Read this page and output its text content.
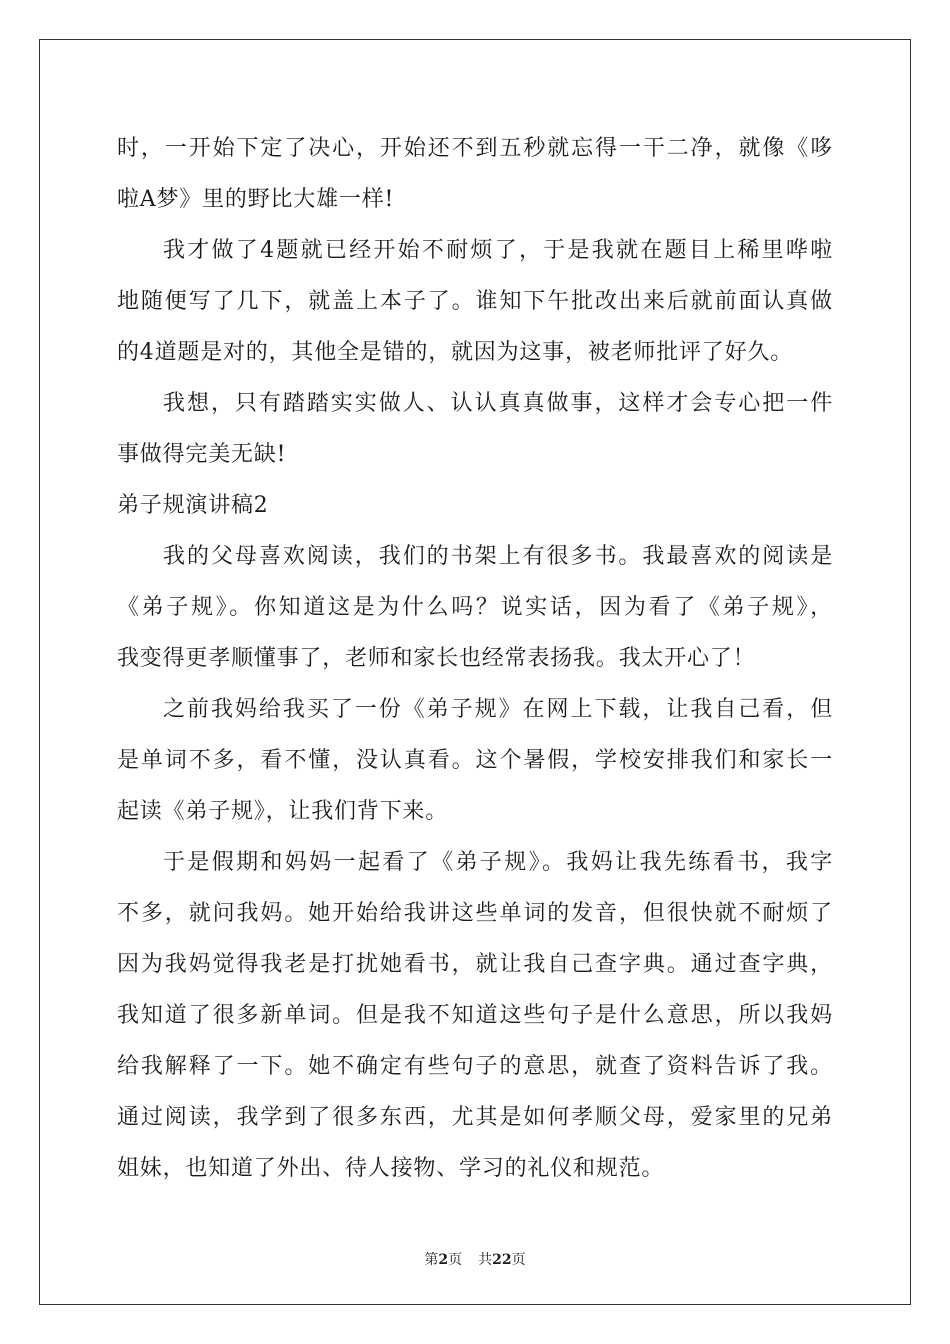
时，一开始下定了决心，开始还不到五秒就忘得一干二净，就像《哆
啦A梦》里的野比大雄一样!

我才做了4题就已经开始不耐烦了，于是我就在题目上稀里哗啦
地随便写了几下，就盖上本子了。谁知下午批改出来后就前面认真做
的4道题是对的，其他全是错的，就因为这事，被老师批评了好久。

我想，只有踏踏实实做人、认认真真做事，这样才会专心把一件
事做得完美无缺!

弟子规演讲稿2

我的父母喜欢阅读，我们的书架上有很多书。我最喜欢的阅读是
《弟子规》。你知道这是为什么吗？说实话，因为看了《弟子规》，
我变得更孝顺懂事了，老师和家长也经常表扬我。我太开心了！

之前我妈给我买了一份《弟子规》在网上下载，让我自己看，但
是单词不多，看不懂，没认真看。这个暑假，学校安排我们和家长一
起读《弟子规》，让我们背下来。

于是假期和妈妈一起看了《弟子规》。我妈让我先练看书，我字
不多，就问我妈。她开始给我讲这些单词的发音，但很快就不耐烦了
因为我妈觉得我老是打扰她看书，就让我自己查字典。通过查字典，
我知道了很多新单词。但是我不知道这些句子是什么意思，所以我妈
给我解释了一下。她不确定有些句子的意思，就查了资料告诉了我。
通过阅读，我学到了很多东西，尤其是如何孝顺父母，爱家里的兄弟
姐妹，也知道了外出、待人接物、学习的礼仪和规范。

第2页 共22页
